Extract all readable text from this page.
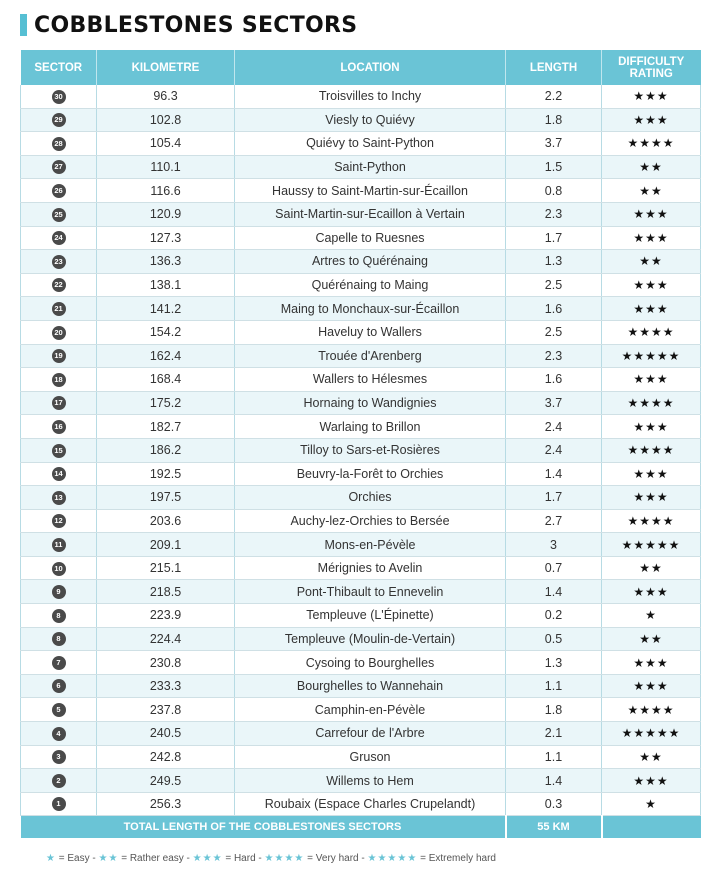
COBBLESTONES SECTORS
SECTOR	KILOMETRE	LOCATION	LENGTH	DIFFICULTY
RATING
30	96.3	Troisvilles to Inchy	2.2	★★★
29	102.8	Viesly to Quiévy	1.8	★★★
28	105.4	Quiévy to Saint-Python	3.7	★★★★
27	110.1	Saint-Python	1.5	★★
26	116.6	Haussy to Saint-Martin-sur-Écaillon	0.8	★★
25	120.9	Saint-Martin-sur-Ecaillon à Vertain	2.3	★★★
24	127.3	Capelle to Ruesnes	1.7	★★★
23	136.3	Artres to Quérénaing	1.3	★★
22	138.1	Quérénaing to Maing	2.5	★★★
21	141.2	Maing to Monchaux-sur-Écaillon	1.6	★★★
20	154.2	Haveluy to Wallers	2.5	★★★★
19	162.4	Trouée d'Arenberg	2.3	★★★★★
18	168.4	Wallers to Hélesmes	1.6	★★★
17	175.2	Hornaing to Wandignies	3.7	★★★★
16	182.7	Warlaing to Brillon	2.4	★★★
15	186.2	Tilloy to Sars-et-Rosières	2.4	★★★★
14	192.5	Beuvry-la-Forêt to Orchies	1.4	★★★
13	197.5	Orchies	1.7	★★★
12	203.6	Auchy-lez-Orchies to Bersée	2.7	★★★★
11	209.1	Mons-en-Pévèle	3	★★★★★
10	215.1	Mérignies to Avelin	0.7	★★
9	218.5	Pont-Thibault to Ennevelin	1.4	★★★
8	223.9	Templeuve (L'Épinette)	0.2	★
8	224.4	Templeuve (Moulin-de-Vertain)	0.5	★★
7	230.8	Cysoing to Bourghelles	1.3	★★★
6	233.3	Bourghelles to Wannehain	1.1	★★★
5	237.8	Camphin-en-Pévèle	1.8	★★★★
4	240.5	Carrefour de l'Arbre	2.1	★★★★★
3	242.8	Gruson	1.1	★★
2	249.5	Willems to Hem	1.4	★★★
1	256.3	Roubaix (Espace Charles Crupelandt)	0.3	★
TOTAL LENGTH OF THE COBBLESTONES SECTORS			55 KM	
★ = Easy - ★★ = Rather easy - ★★★ = Hard - ★★★★ = Very hard - ★★★★★ = Extremely hard
